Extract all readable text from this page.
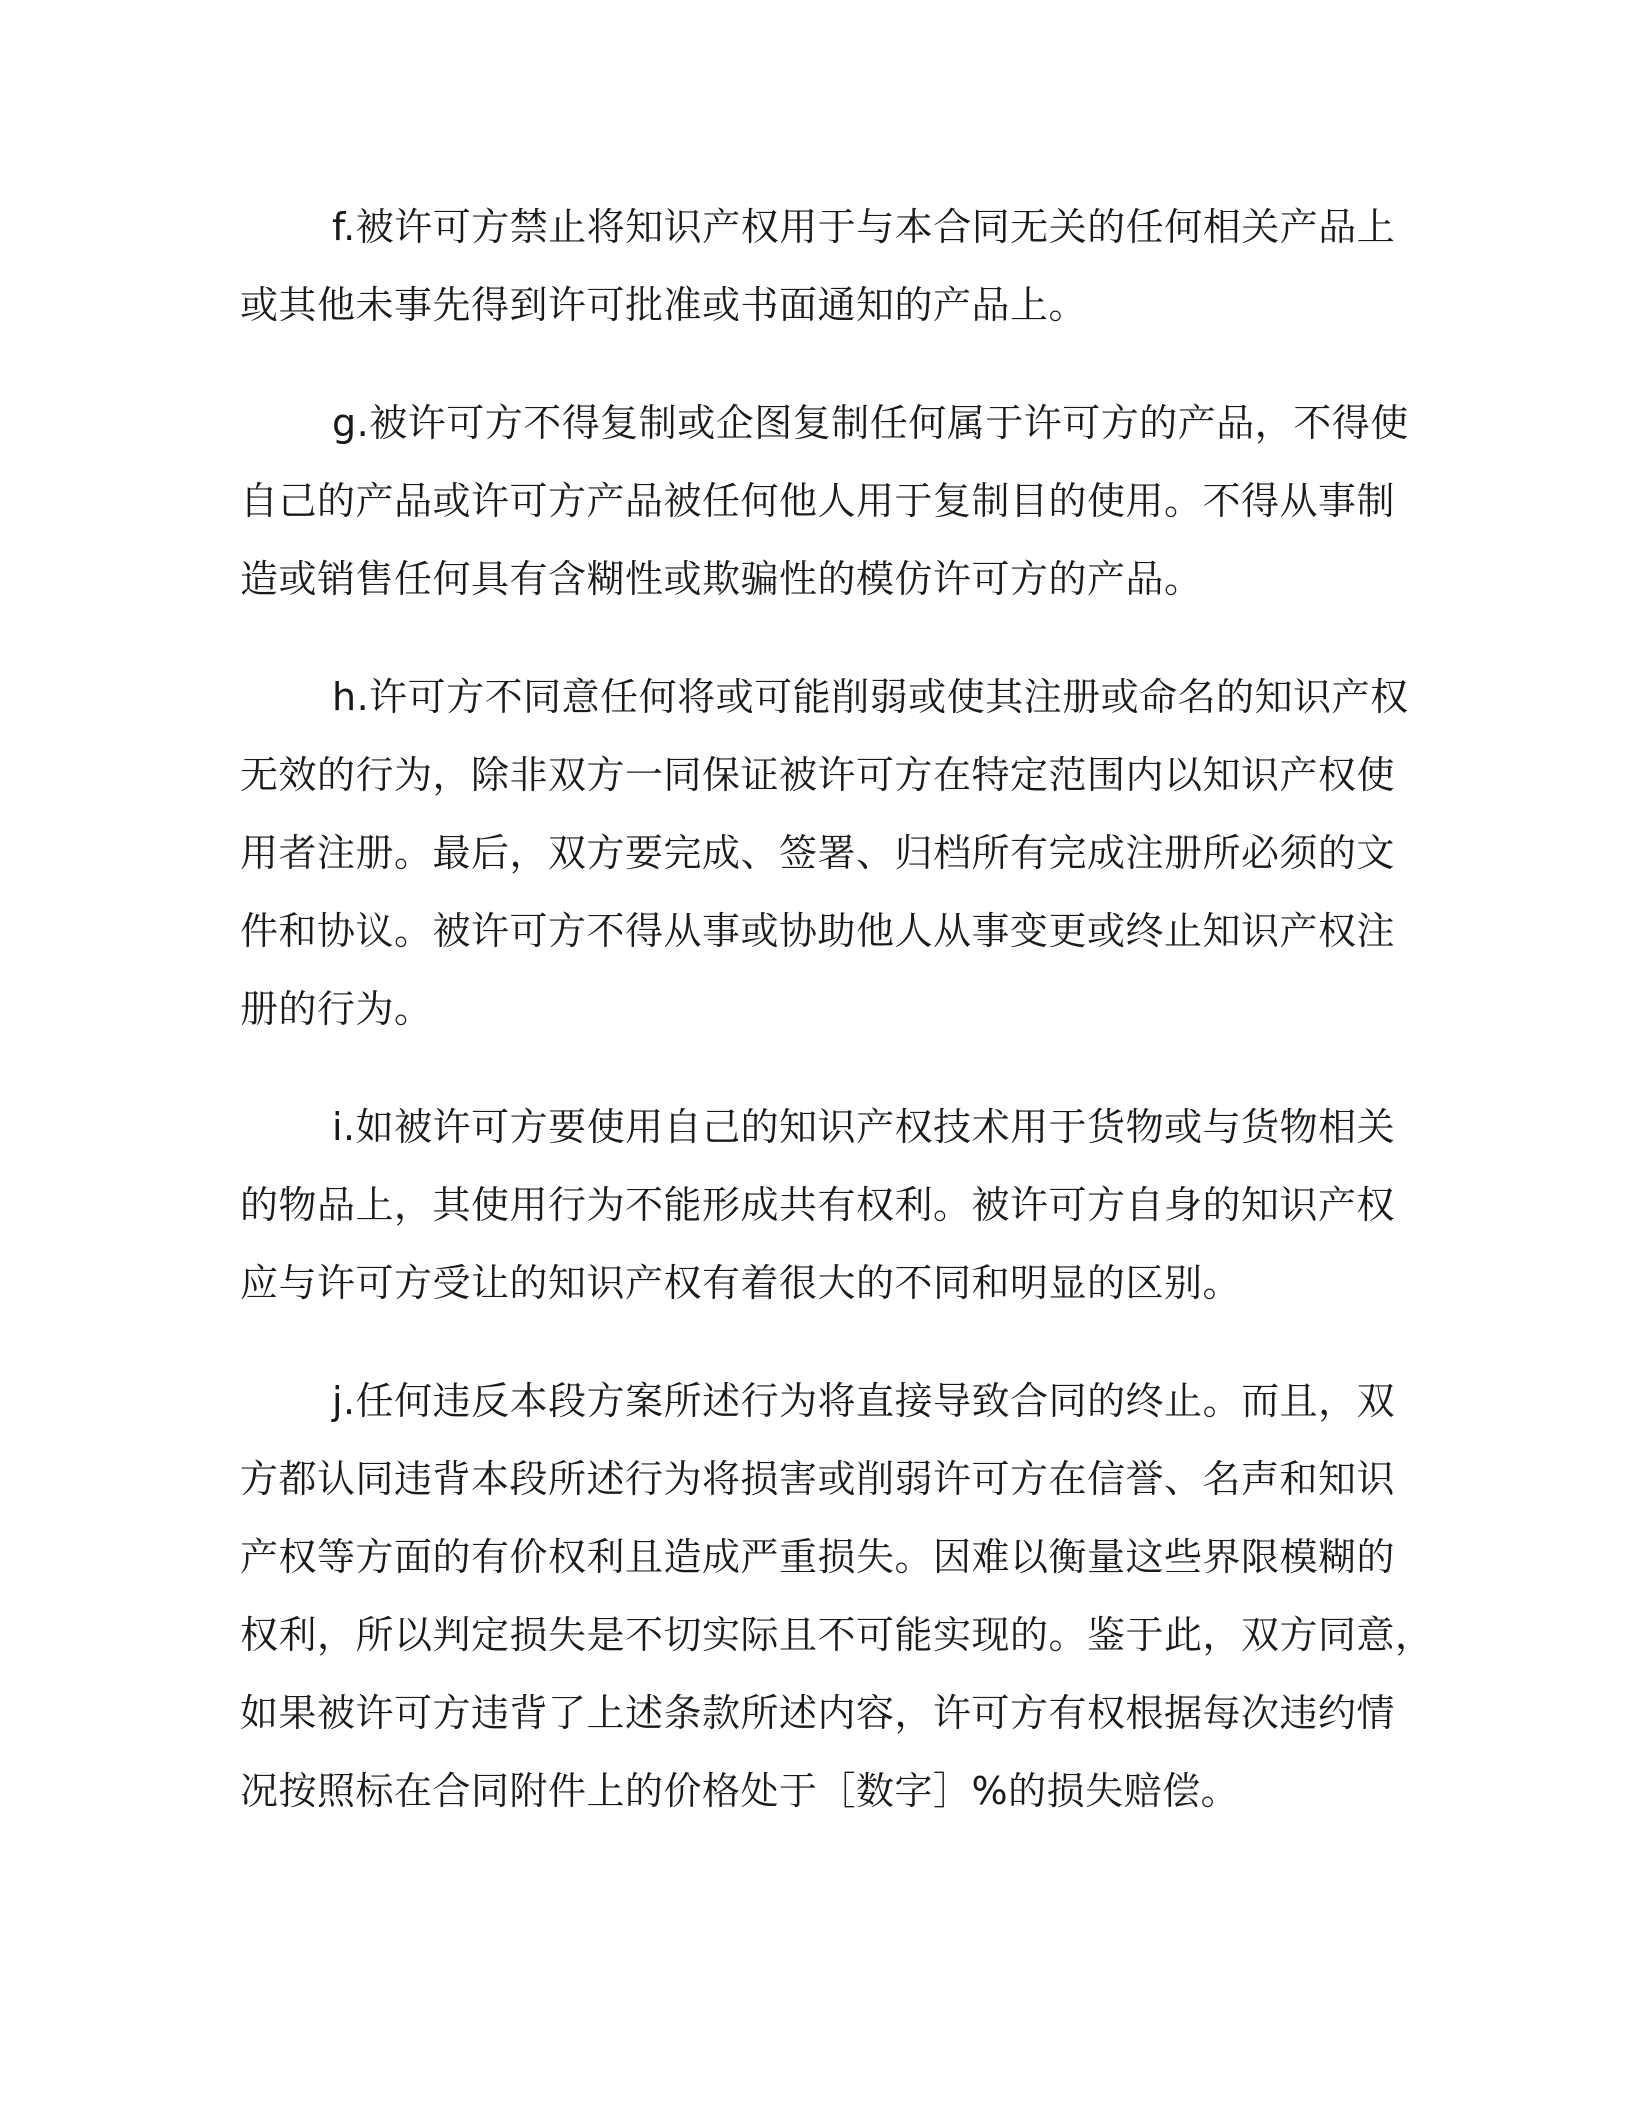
f.被许可方禁止将知识产权用于与本合同无关的任何相关产品上
或其他未事先得到许可批准或书面通知的产品上。
g.被许可方不得复制或企图复制任何属于许可方的产品，不得使
自己的产品或许可方产品被任何他人用于复制目的使用。不得从事制
造或销售任何具有含糊性或欺骗性的模仿许可方的产品。
h.许可方不同意任何将或可能削弱或使其注册或命名的知识产权
无效的行为，除非双方一同保证被许可方在特定范围内以知识产权使
用者注册。最后，双方要完成、签署、归档所有完成注册所必须的文
件和协议。被许可方不得从事或协助他人从事变更或终止知识产权注
册的行为。
i.如被许可方要使用自己的知识产权技术用于货物或与货物相关
的物品上，其使用行为不能形成共有权利。被许可方自身的知识产权
应与许可方受让的知识产权有着很大的不同和明显的区别。
j.任何违反本段方案所述行为将直接导致合同的终止。而且，双
方都认同违背本段所述行为将损害或削弱许可方在信誉、名声和知识
产权等方面的有价权利且造成严重损失。因难以衡量这些界限模糊的
权利，所以判定损失是不切实际且不可能实现的。鉴于此，双方同意，
如果被许可方违背了上述条款所述内容，许可方有权根据每次违约情
况按照标在合同附件上的价格处于［数字］%的损失赔偿。
